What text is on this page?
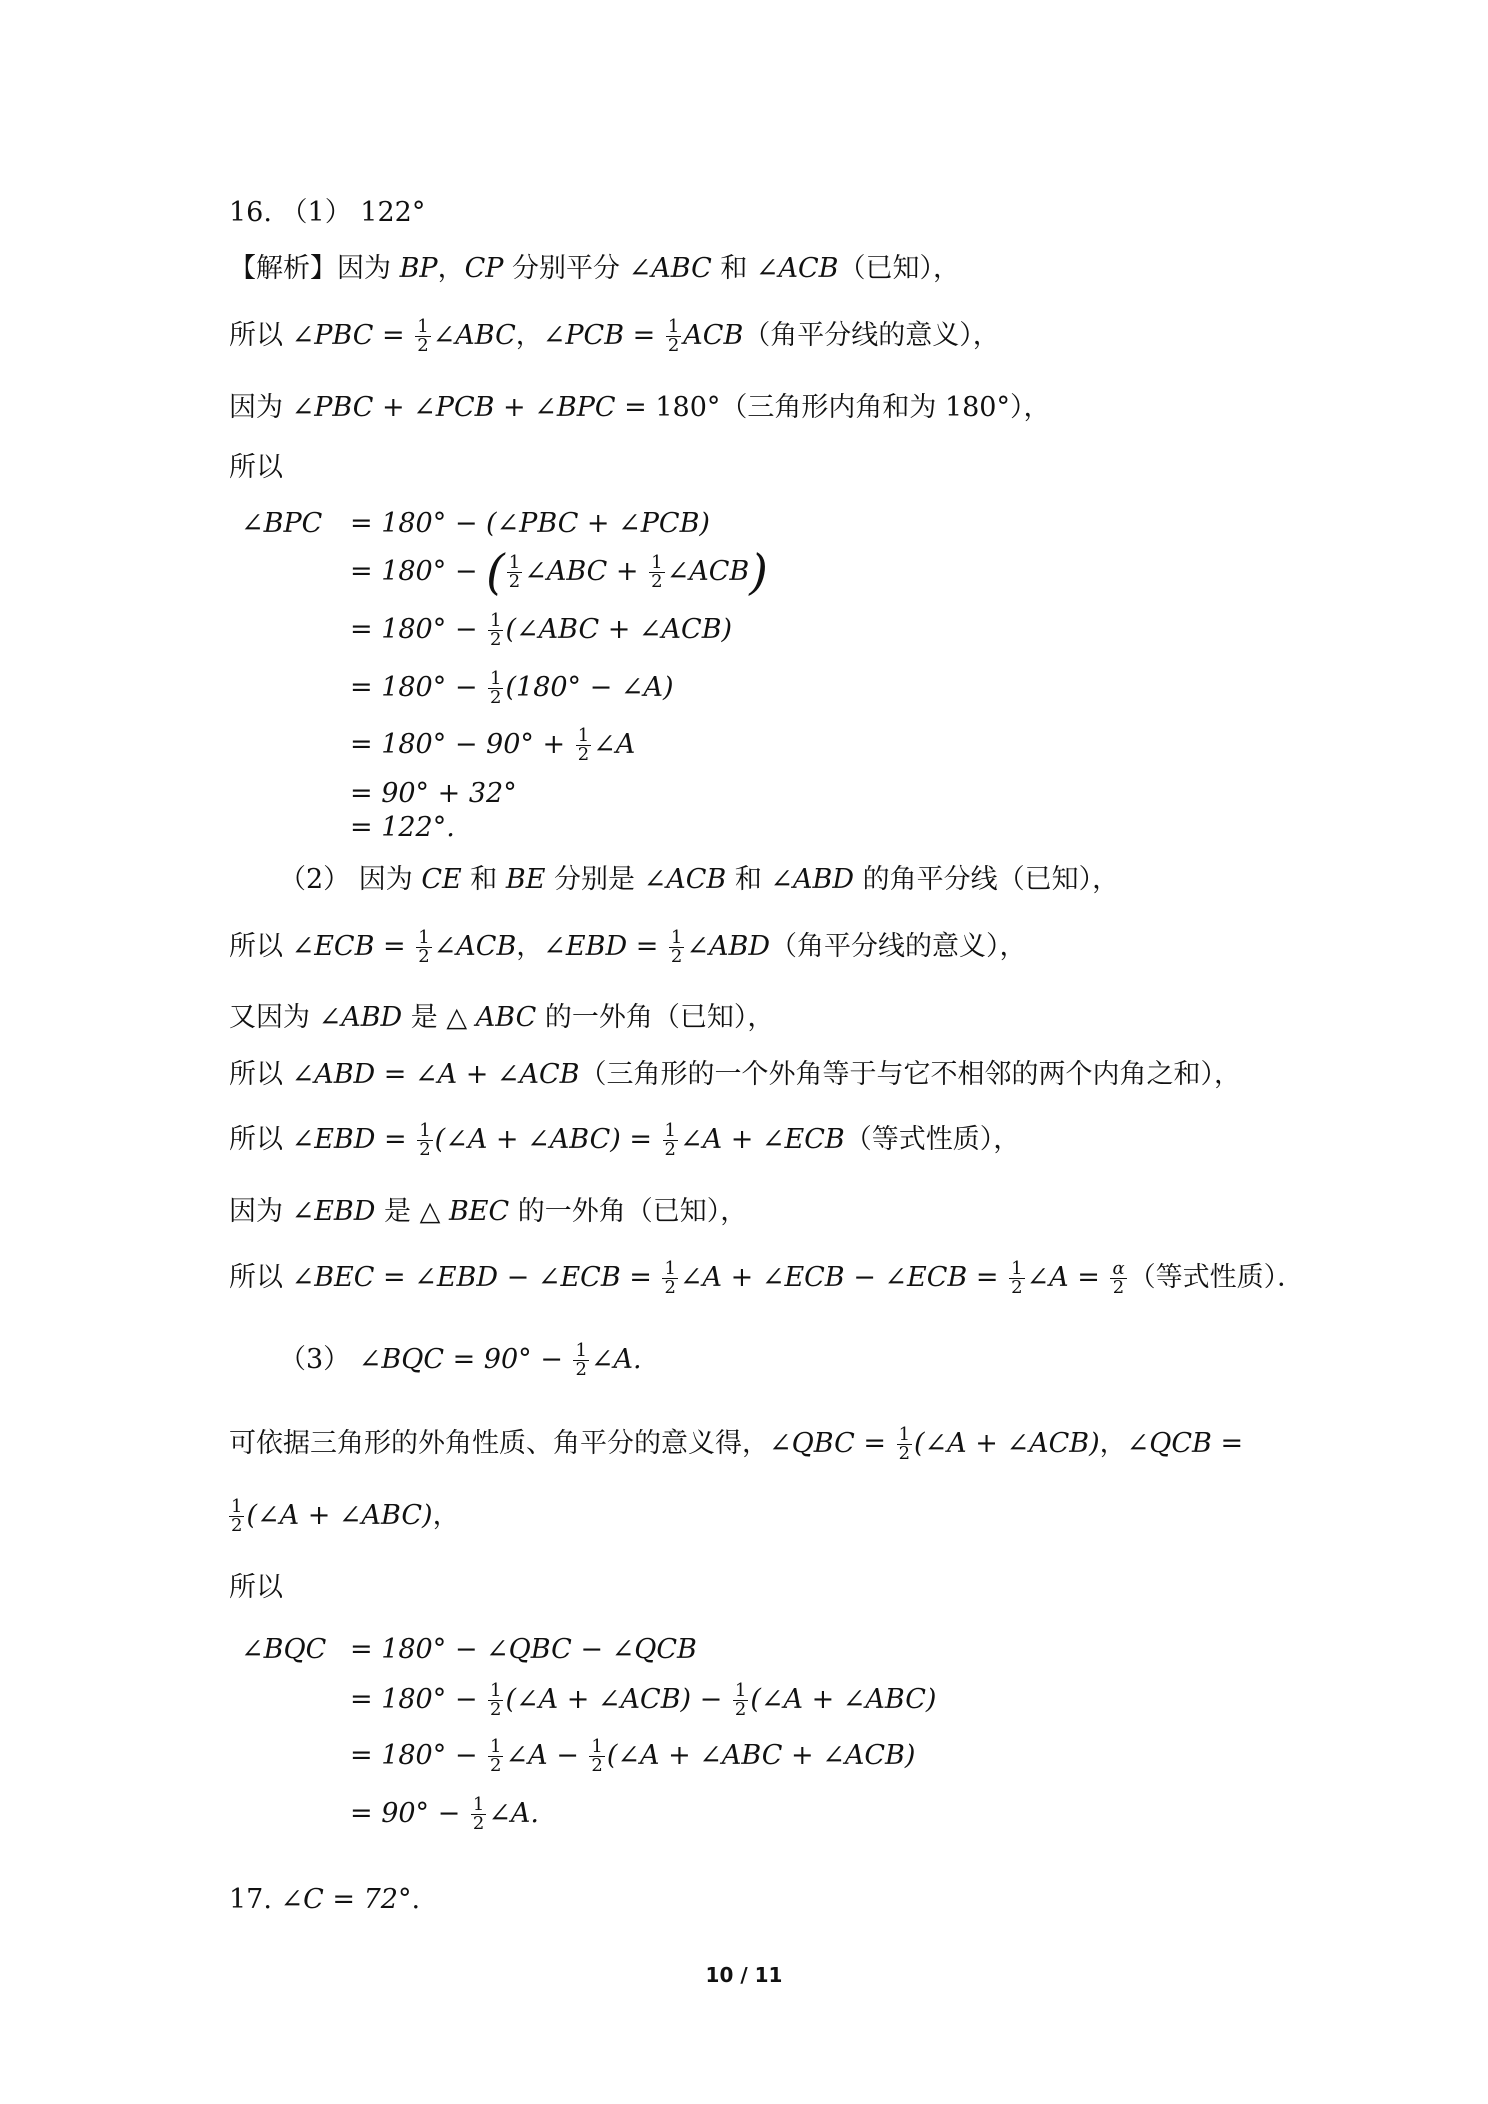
16. （1） 122°
【解析】因为 BP，CP 分别平分 ∠ABC 和 ∠ACB（已知），
所以 ∠PBC = $\frac{1}{2}$ ∠ABC，∠PCB = $\frac{1}{2} ACB$（角平分线的意义），
因为 ∠PBC + ∠PCB + ∠BPC = 180°（三角形内角和为 180°），
所以
∠BPC = 180° − (∠PBC + ∠PCB)
= 180° − ( $\frac{1}{2}$ ∠ABC + $\frac{1}{2}$ ∠ACB)
= $180^\circ - \frac{1}{2}$ (∠ABC + ∠ACB)
= $180^\circ - \frac{1}{2} (180^\circ$ − ∠A)
= $180^\circ - 90^\circ + \frac{1}{2}$ ∠A
= 90° + 32°
= 122°.
（2） 因为 CE 和 BE 分别是 ∠ACB 和 ∠ABD 的角平分线（已知），
所以 ∠ECB = $\frac{1}{2}$ ∠ACB，∠EBD = $\frac{1}{2}$ ∠ABD（角平分线的意义），
又因为 ∠ABD 是 △ ABC 的一外角（已知），
所以 ∠ABD = ∠A + ∠ACB（三角形的一个外角等于与它不相邻的两个内角之和），
所以 ∠EBD = $\frac{1}{2}$ (∠A + ∠ABC) = $\frac{1}{2}$ ∠A + ∠ECB（等式性质），
因为 ∠EBD 是 △ BEC 的一外角（已知），
所以 ∠BEC = ∠EBD − ∠ECB = $\frac{1}{2}$ ∠A + ∠ECB − ∠ECB = $\frac{1}{2}$ ∠A = $\frac{\alpha}{2}$ （等式性质）．
（3） ∠BQC = $90^\circ - \frac{1}{2}$ ∠A.
可依据三角形的外角性质、角平分的意义得，∠QBC = $\frac{1}{2}$ (∠A + ∠ACB)，∠QCB =
$\frac{1}{2}$ (∠A + ∠ABC)，
所以
∠BQC = 180° − ∠QBC − ∠QCB
= $180^\circ - \frac{1}{2}$ (∠A + ∠ACB) − $\frac{1}{2}$ (∠A + ∠ABC)
= $180^\circ - \frac{1}{2}$ ∠A − $\frac{1}{2}$ (∠A + ∠ABC + ∠ACB)
= $90^\circ - \frac{1}{2}$ ∠A.
17. ∠C = 72°.
10 / 11
